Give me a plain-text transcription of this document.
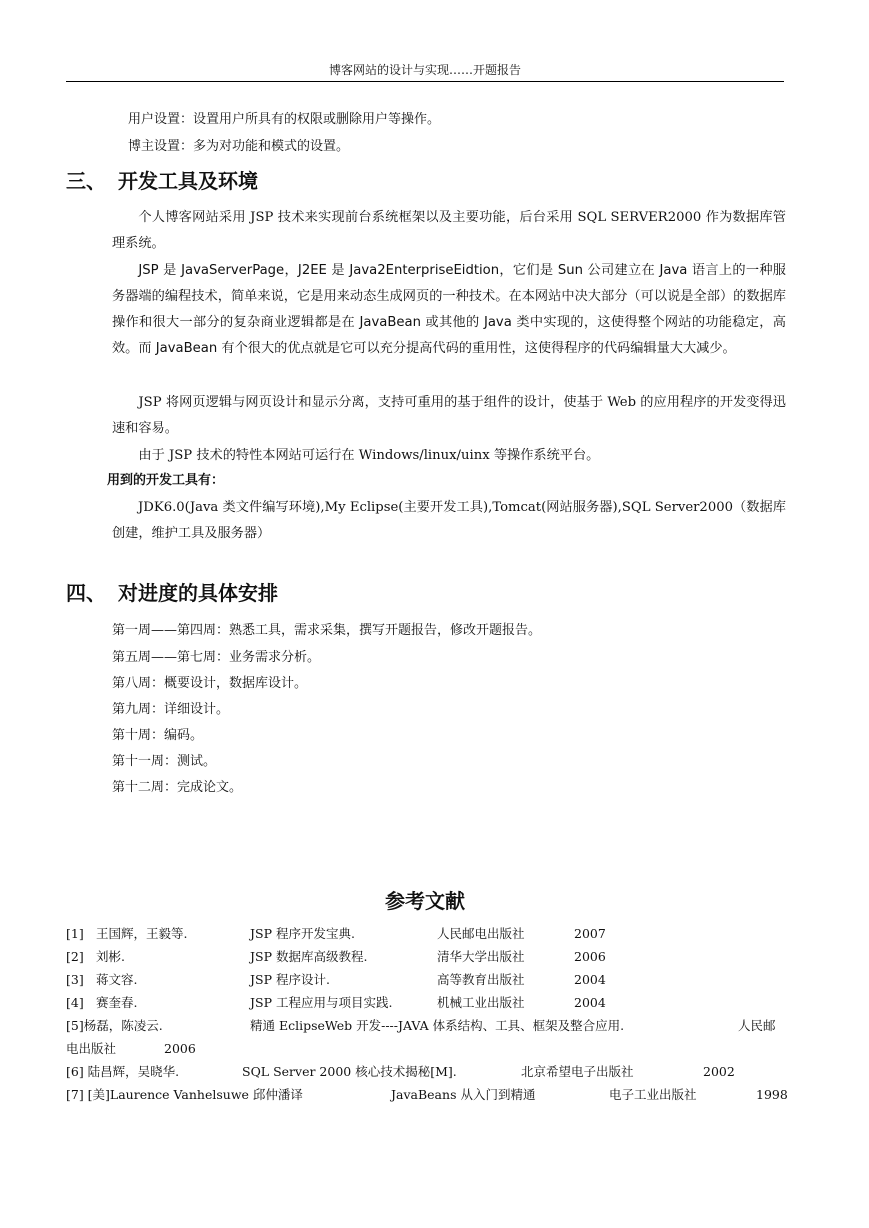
博客网站的设计与实现……开题报告
用户设置：设置用户所具有的权限或删除用户等操作。
博主设置：多为对功能和模式的设置。
三、 开发工具及环境
个人博客网站采用 JSP 技术来实现前台系统框架以及主要功能，后台采用 SQL SERVER2000 作为数据库管理系统。
JSP 是 JavaServerPage，J2EE 是 Java2EnterpriseEidtion，它们是 Sun 公司建立在 Java 语言上的一种服务器端的编程技术，简单来说，它是用来动态生成网页的一种技术。在本网站中决大部分（可以说是全部）的数据库操作和很大一部分的复杂商业逻辑都是在 JavaBean 或其他的 Java 类中实现的，这使得整个网站的功能稳定，高效。而 JavaBean 有个很大的优点就是它可以充分提高代码的重用性，这使得程序的代码编辑量大大减少。
JSP 将网页逻辑与网页设计和显示分离，支持可重用的基于组件的设计，使基于 Web 的应用程序的开发变得迅速和容易。
由于 JSP 技术的特性本网站可运行在 Windows/linux/uinx 等操作系统平台。
用到的开发工具有：
JDK6.0(Java 类文件编写环境),My Eclipse(主要开发工具),Tomcat(网站服务器),SQL Server2000（数据库创建，维护工具及服务器）
四、 对进度的具体安排
第一周——第四周：熟悉工具，需求采集，撰写开题报告，修改开题报告。
第五周——第七周：业务需求分析。
第八周：概要设计，数据库设计。
第九周：详细设计。
第十周：编码。
第十一周：测试。
第十二周：完成论文。
参考文献
[1] 王国辉，王毅等.	JSP 程序开发宝典.	人民邮电出版社	2007
[2] 刘彬.	JSP 数据库高级教程.	清华大学出版社	2006
[3] 蒋文容.	JSP 程序设计.	高等教育出版社	2004
[4] 赛奎春.	JSP 工程应用与项目实践.	机械工业出版社	2004
[5]杨磊，陈凌云.	精通 EclipseWeb 开发----JAVA 体系结构、工具、框架及整合应用.	人民邮
电出版社	2006
[6] 陆昌辉，吴晓华.	SQL Server 2000 核心技术揭秘[M].	北京希望电子出版社	2002
[7] [美]Laurence Vanhelsuwe 邱仲潘译	JavaBeans 从入门到精通	电子工业出版社	1998
